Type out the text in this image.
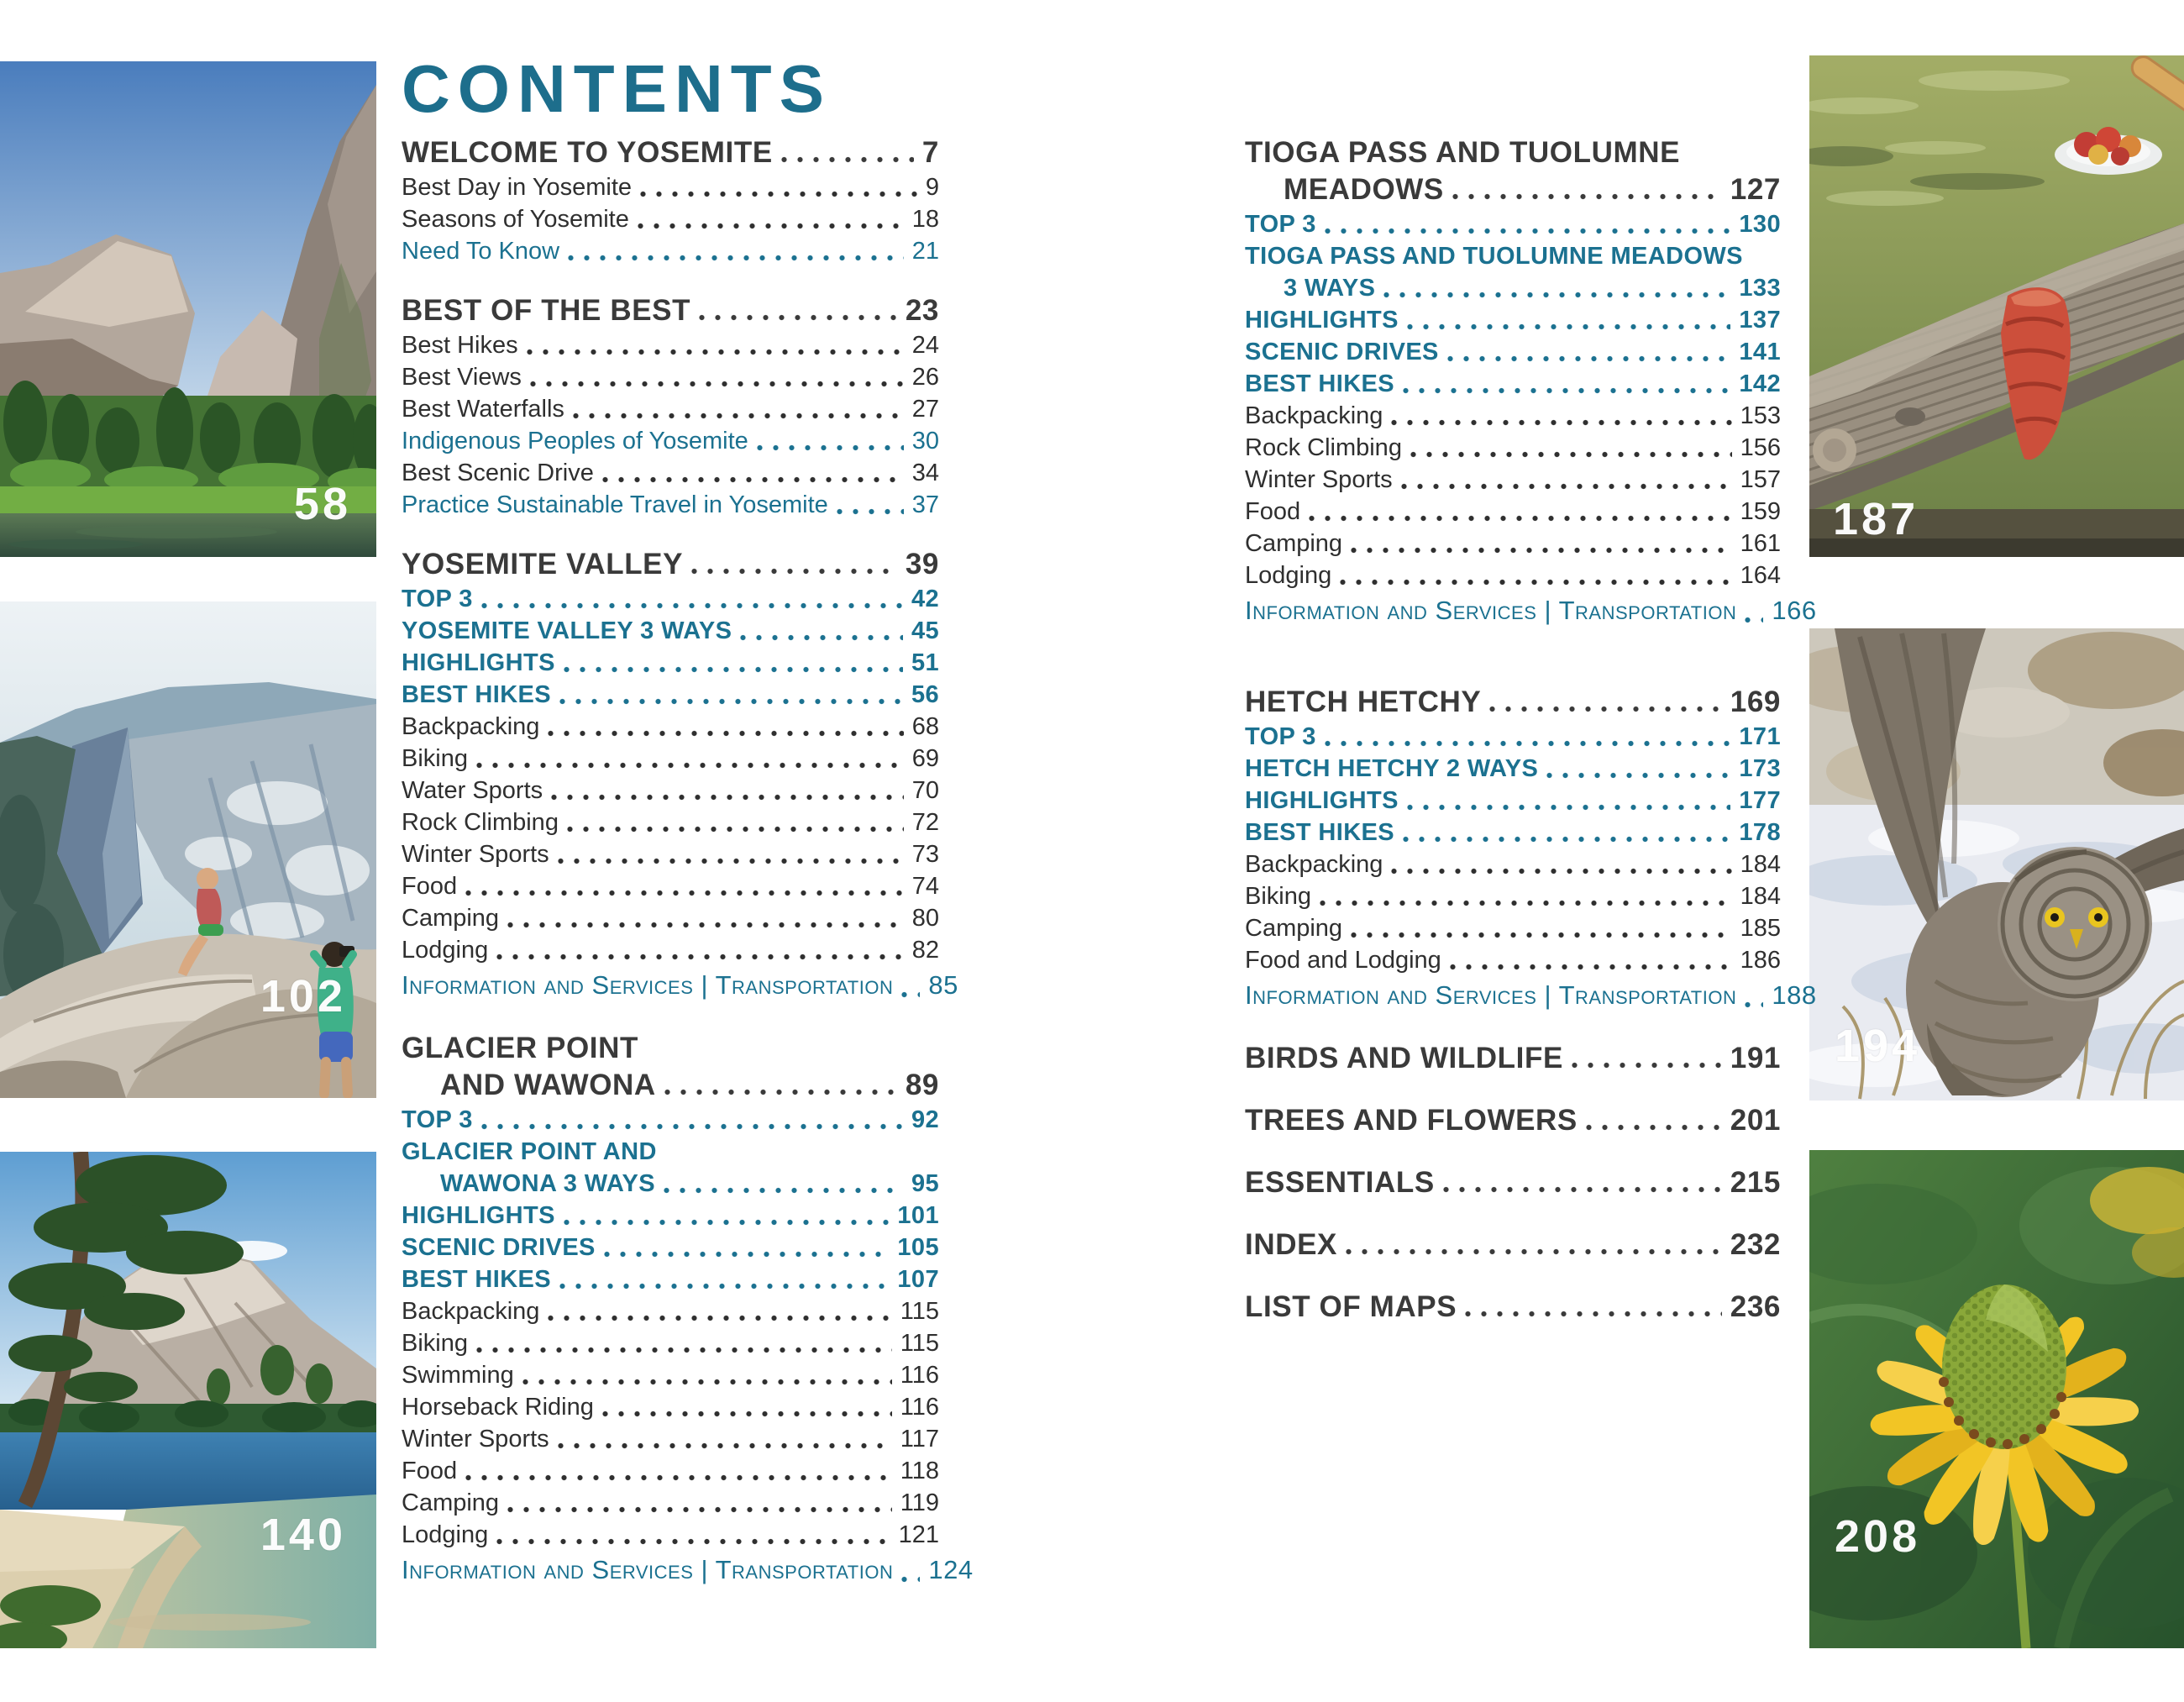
58
102
140
187
194
208
CONTENTS
WELCOME TO YOSEMITE	7
Best Day in Yosemite	9
Seasons of Yosemite	18
Need To Know	21
BEST OF THE BEST	23
Best Hikes	24
Best Views	26
Best Waterfalls	27
Indigenous Peoples of Yosemite	30
Best Scenic Drive	34
Practice Sustainable Travel in Yosemite	37
YOSEMITE VALLEY	39
TOP 3	42
YOSEMITE VALLEY 3 WAYS	45
HIGHLIGHTS	51
BEST HIKES	56
Backpacking	68
Biking	69
Water Sports	70
Rock Climbing	72
Winter Sports	73
Food	74
Camping	80
Lodging	82
Information and Services | Transportation 85
GLACIER POINT
AND WAWONA	89
TOP 3	92
GLACIER POINT AND
WAWONA 3 WAYS	95
HIGHLIGHTS	101
SCENIC DRIVES	105
BEST HIKES	107
Backpacking	115
Biking	115
Swimming	116
Horseback Riding	116
Winter Sports	117
Food	118
Camping	119
Lodging	121
Information and Services | Transportation 124
TIOGA PASS AND TUOLUMNE
MEADOWS	127
TOP 3	130
TIOGA PASS AND TUOLUMNE MEADOWS
3 WAYS	133
HIGHLIGHTS	137
SCENIC DRIVES	141
BEST HIKES	142
Backpacking	153
Rock Climbing	156
Winter Sports	157
Food	159
Camping	161
Lodging	164
Information and Services | Transportation 166
HETCH HETCHY	169
TOP 3	171
HETCH HETCHY 2 WAYS	173
HIGHLIGHTS	177
BEST HIKES	178
Backpacking	184
Biking	184
Camping	185
Food and Lodging	186
Information and Services | Transportation 188
BIRDS AND WILDLIFE	191
TREES AND FLOWERS	201
ESSENTIALS	215
INDEX	232
LIST OF MAPS	236
